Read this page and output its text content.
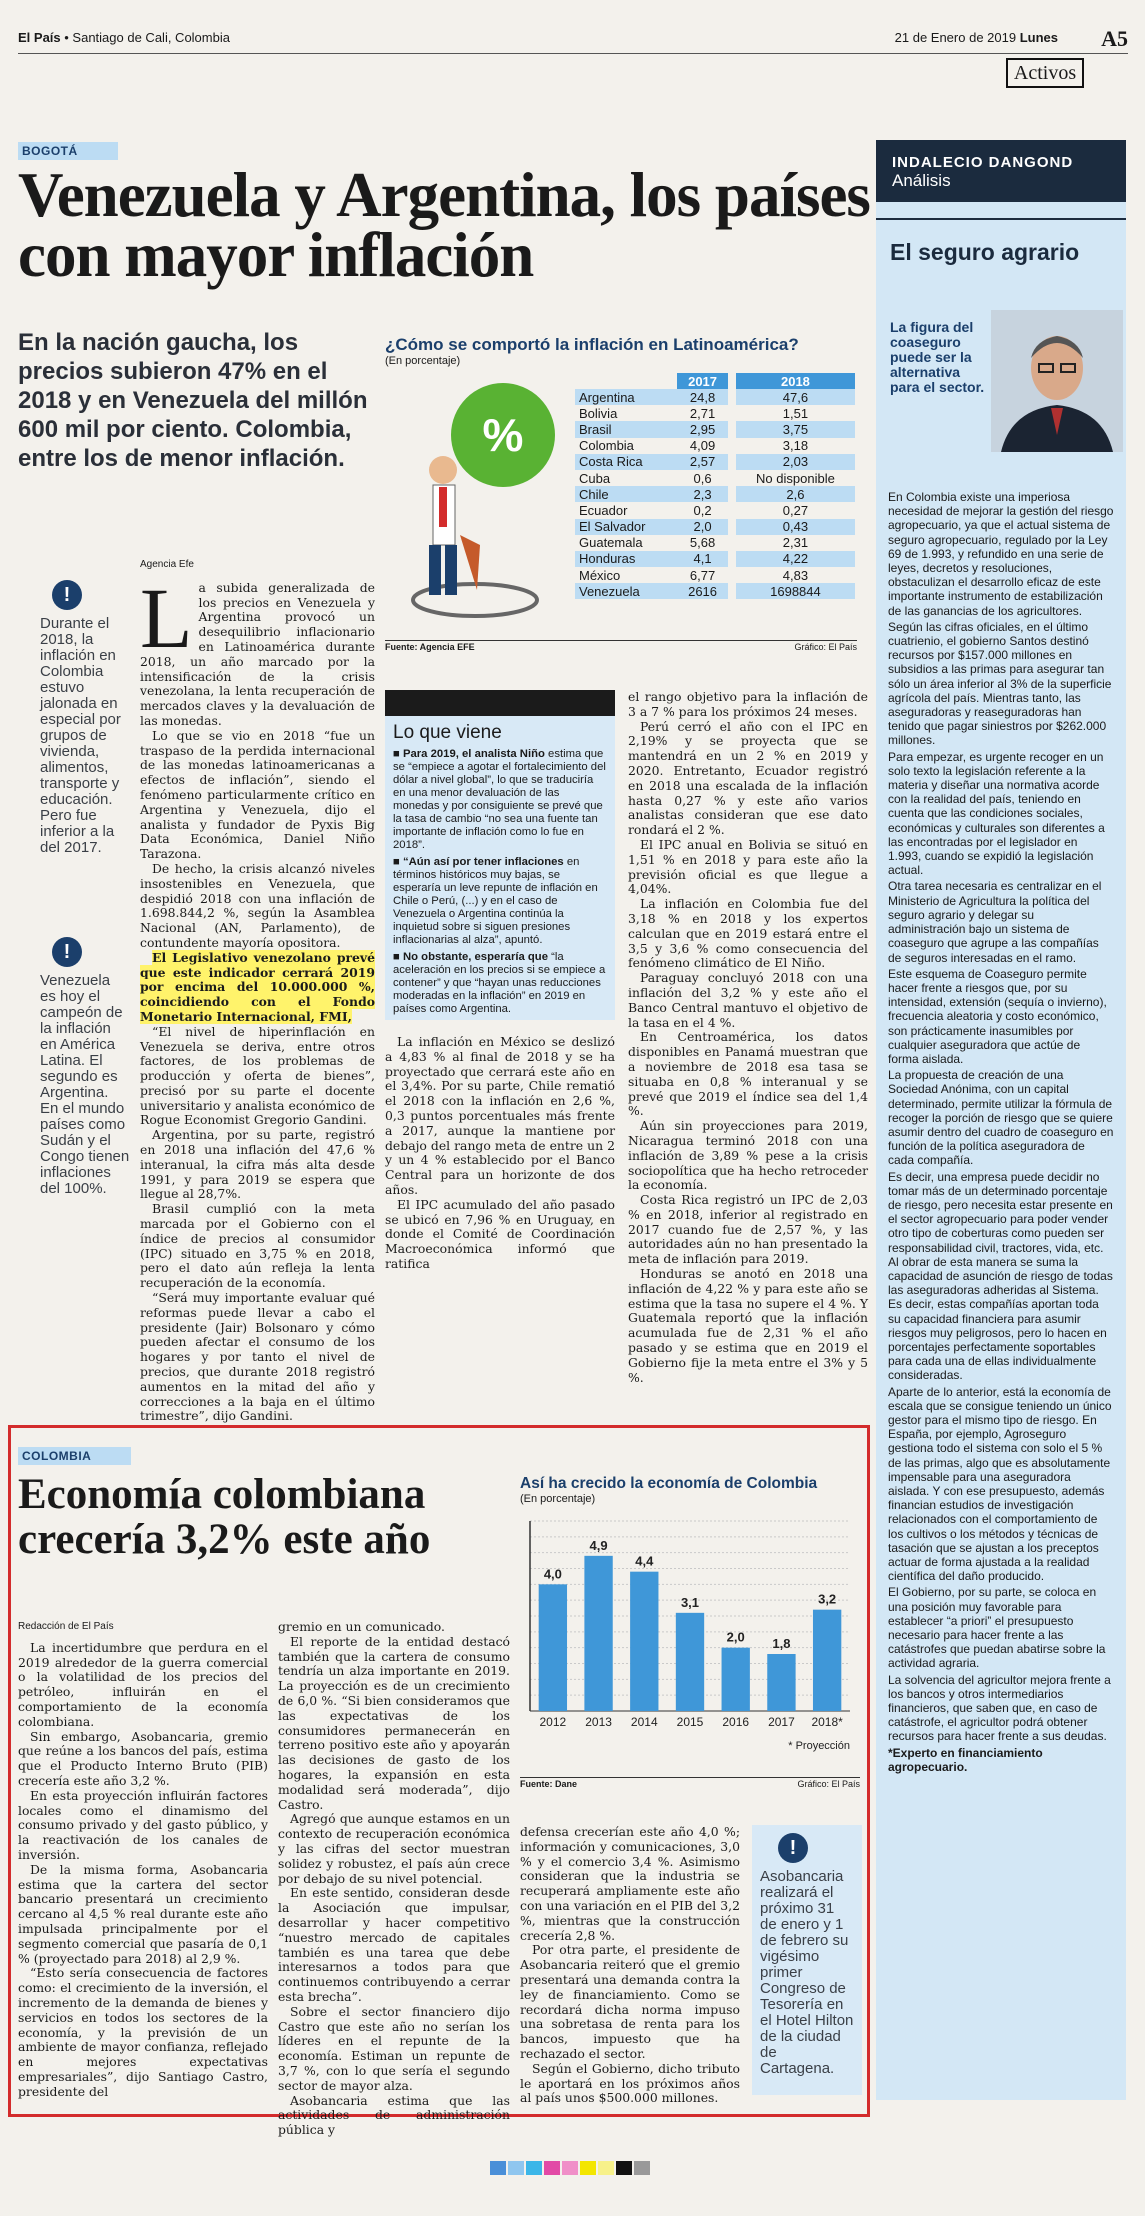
El País • Santiago de Cali, Colombia	21 de Enero de 2019 Lunes A5
Activos
BOGOTÁ
Venezuela y Argentina, los países con mayor inflación
En la nación gaucha, los precios subieron 47% en el 2018 y en Venezuela del millón 600 mil por ciento. Colombia, entre los de menor inflación.
¿Cómo se comportó la inflación en Latinoamérica?
(En porcentaje)
%
	2017		2018
Argentina	24,8		47,6
Bolivia	2,71		1,51
Brasil	2,95		3,75
Colombia	4,09		3,18
Costa Rica	2,57		2,03
Cuba	0,6		No disponible
Chile	2,3		2,6
Ecuador	0,2		0,27
El Salvador	2,0		0,43
Guatemala	5,68		2,31
Honduras	4,1		4,22
México	6,77		4,83
Venezuela	2616		1698844
Fuente: Agencia EFE	Gráfico: El País
!
Durante el 2018, la inflación en Colombia estuvo jalonada en especial por grupos de vivienda, alimentos, transporte y educación. Pero fue inferior a la del 2017.
!
Venezuela es hoy el campeón de la inflación en América Latina. El segundo es Argentina. En el mundo países como Sudán y el Congo tienen inflaciones del 100%.
Agencia Efe
L a subida generalizada de los precios en Venezuela y Argentina provocó un desequilibrio inflacionario en Latinoamérica durante 2018, un año marcado por la intensificación de la crisis venezolana, la lenta recuperación de mercados claves y la devaluación de las monedas.

Lo que se vio en 2018 “fue un traspaso de la perdida internacional de las monedas latinoamericanas a efectos de inflación”, siendo el fenómeno particularmente crítico en Argentina y Venezuela, dijo el analista y fundador de Pyxis Big Data Económica, Daniel Niño Tarazona.

De hecho, la crisis alcanzó niveles insostenibles en Venezuela, que despidió 2018 con una inflación de 1.698.844,2 %, según la Asamblea Nacional (AN, Parlamento), de contundente mayoría opositora.

El Legislativo venezolano prevé que este indicador cerrará 2019 por encima del 10.000.000 %, coincidiendo con el Fondo Monetario Internacional, FMI,

“El nivel de hiperinflación en Venezuela se deriva, entre otros factores, de los problemas de producción y oferta de bienes”, precisó por su parte el docente universitario y analista económico de Rogue Economist Gregorio Gandini.

Argentina, por su parte, registró en 2018 una inflación del 47,6 % interanual, la cifra más alta desde 1991, y para 2019 se espera que llegue al 28,7%.

Brasil cumplió con la meta marcada por el Gobierno con el índice de precios al consumidor (IPC) situado en 3,75 % en 2018, pero el dato aún refleja la lenta recuperación de la economía.

“Será muy importante evaluar qué reformas puede llevar a cabo el presidente (Jair) Bolsonaro y cómo pueden afectar el consumo de los hogares y por tanto el nivel de precios, que durante 2018 registró aumentos en la mitad del año y correcciones a la baja en el último trimestre”, dijo Gandini.

Lo que viene
■ Para 2019, el analista Niño estima que se “empiece a agotar el fortalecimiento del dólar a nivel global”, lo que se traduciría en una menor devaluación de las monedas y por consiguiente se prevé que la tasa de cambio “no sea una fuente tan importante de inflación como lo fue en 2018”.
■ “Aún así por tener inflaciones en términos históricos muy bajas, se esperaría un leve repunte de inflación en Chile o Perú, (...) y en el caso de Venezuela o Argentina continúa la inquietud sobre si siguen presiones inflacionarias al alza”, apuntó.
■ No obstante, esperaría que “la aceleración en los precios si se empiece a contener” y que “hayan unas reducciones moderadas en la inflación” en 2019 en países como Argentina.

La inflación en México se deslizó a 4,83 % al final de 2018 y se ha proyectado que cerrará este año en el 3,4%. Por su parte, Chile rematió el 2018 con la inflación en 2,6 %, 0,3 puntos porcentuales más frente a 2017, aunque la mantiene por debajo del rango meta de entre un 2 y un 4 % establecido por el Banco Central para un horizonte de dos años.

El IPC acumulado del año pasado se ubicó en 7,96 % en Uruguay, en donde el Comité de Coordinación Macroeconómica informó que ratifica

el rango objetivo para la inflación de 3 a 7 % para los próximos 24 meses.

Perú cerró el año con el IPC en 2,19% y se proyecta que se mantendrá en un 2 % en 2019 y 2020. Entretanto, Ecuador registró en 2018 una escalada de la inflación hasta 0,27 % y este año varios analistas consideran que ese dato rondará el 2 %.

El IPC anual en Bolivia se situó en 1,51 % en 2018 y para este año la previsión oficial es que llegue a 4,04%.

La inflación en Colombia fue del 3,18 % en 2018 y los expertos calculan que en 2019 estará entre el 3,5 y 3,6 % como consecuencia del fenómeno climático de El Niño.

Paraguay concluyó 2018 con una inflación del 3,2 % y este año el Banco Central mantuvo el objetivo de la tasa en el 4 %.

En Centroamérica, los datos disponibles en Panamá muestran que a noviembre de 2018 esa tasa se situaba en 0,8 % interanual y se prevé que 2019 el índice sea del 1,4 %.

Aún sin proyecciones para 2019, Nicaragua terminó 2018 con una inflación de 3,89 % pese a la crisis sociopolítica que ha hecho retroceder la economía.

Costa Rica registró un IPC de 2,03 % en 2018, inferior al registrado en 2017 cuando fue de 2,57 %, y las autoridades aún no han presentado la meta de inflación para 2019.

Honduras se anotó en 2018 una inflación de 4,22 % y para este año se estima que la tasa no supere el 4 %. Y Guatemala reportó que la inflación acumulada fue de 2,31 % el año pasado y se estima que en 2019 el Gobierno fije la meta entre el 3% y 5 %.

INDALECIO DANGOND
Análisis
El seguro agrario
La figura del coaseguro puede ser la alternativa para el sector.

En Colombia existe una imperiosa necesidad de mejorar la gestión del riesgo agropecuario, ya que el actual sistema de seguro agropecuario, regulado por la Ley 69 de 1.993, y refundido en una serie de leyes, decretos y resoluciones, obstaculizan el desarrollo eficaz de este importante instrumento de estabilización de las ganancias de los agricultores.

Según las cifras oficiales, en el último cuatrienio, el gobierno Santos destinó recursos por $157.000 millones en subsidios a las primas para asegurar tan sólo un área inferior al 3% de la superficie agrícola del país. Mientras tanto, las aseguradoras y reaseguradoras han tenido que pagar siniestros por $262.000 millones.

Para empezar, es urgente recoger en un solo texto la legislación referente a la materia y diseñar una normativa acorde con la realidad del país, teniendo en cuenta que las condiciones sociales, económicas y culturales son diferentes a las encontradas por el legislador en 1.993, cuando se expidió la legislación actual.

Otra tarea necesaria es centralizar en el Ministerio de Agricultura la política del seguro agrario y delegar su administración bajo un sistema de coaseguro que agrupe a las compañías de seguros interesadas en el ramo.

Este esquema de Coaseguro permite hacer frente a riesgos que, por su intensidad, extensión (sequía o invierno), frecuencia aleatoria y costo económico, son prácticamente inasumibles por cualquier aseguradora que actúe de forma aislada.

La propuesta de creación de una Sociedad Anónima, con un capital determinado, permite utilizar la fórmula de recoger la porción de riesgo que se quiere asumir dentro del cuadro de coaseguro en función de la política aseguradora de cada compañía.

Es decir, una empresa puede decidir no tomar más de un determinado porcentaje de riesgo, pero necesita estar presente en el sector agropecuario para poder vender otro tipo de coberturas como pueden ser responsabilidad civil, tractores, vida, etc. Al obrar de esta manera se suma la capacidad de asunción de riesgo de todas las aseguradoras adheridas al Sistema. Es decir, estas compañías aportan toda su capacidad financiera para asumir riesgos muy peligrosos, pero lo hacen en porcentajes perfectamente soportables para cada una de ellas individualmente consideradas.

Aparte de lo anterior, está la economía de escala que se consigue teniendo un único gestor para el mismo tipo de riesgo. En España, por ejemplo, Agroseguro gestiona todo el sistema con solo el 5 % de las primas, algo que es absolutamente impensable para una aseguradora aislada. Y con ese presupuesto, además financian estudios de investigación relacionados con el comportamiento de los cultivos o los métodos y técnicas de tasación que se ajustan a los preceptos actuar de forma ajustada a la realidad científica del daño producido.

El Gobierno, por su parte, se coloca en una posición muy favorable para establecer “a priori” el presupuesto necesario para hacer frente a las catástrofes que puedan abatirse sobre la actividad agraria.

La solvencia del agricultor mejora frente a los bancos y otros intermediarios financieros, que saben que, en caso de catástrofe, el agricultor podrá obtener recursos para hacer frente a sus deudas.

*Experto en financiamiento agropecuario.

COLOMBIA
Economía colombiana crecería 3,2% este año
Así ha crecido la economía de Colombia
(En porcentaje)
4,0
2012
4,9
2013
4,4
2014
3,1
2015
2,0
2016
1,8
2017
3,2
2018*
* Proyección
Fuente: Dane	Gráfico: El País
Redacción de El País

La incertidumbre que perdura en el 2019 alrededor de la guerra comercial o la volatilidad de los precios del petróleo, influirán en el comportamiento de la economía colombiana.

Sin embargo, Asobancaria, gremio que reúne a los bancos del país, estima que el Producto Interno Bruto (PIB) crecería este año 3,2 %.

En esta proyección influirán factores locales como el dinamismo del consumo privado y del gasto público, y la reactivación de los canales de inversión.

De la misma forma, Asobancaria estima que la cartera del sector bancario presentará un crecimiento cercano al 4,5 % real durante este año impulsada principalmente por el segmento comercial que pasaría de 0,1 % (proyectado para 2018) al 2,9 %.

“Esto sería consecuencia de factores como: el crecimiento de la inversión, el incremento de la demanda de bienes y servicios en todos los sectores de la economía, y la previsión de un ambiente de mayor confianza, reflejado en mejores expectativas empresariales”, dijo Santiago Castro, presidente del

gremio en un comunicado.

El reporte de la entidad destacó también que la cartera de consumo tendría un alza importante en 2019. La proyección es de un crecimiento de 6,0 %. “Si bien consideramos que las expectativas de los consumidores permanecerán en terreno positivo este año y apoyarán las decisiones de gasto de los hogares, la expansión en esta modalidad será moderada”, dijo Castro.

Agregó que aunque estamos en un contexto de recuperación económica y las cifras del sector muestran solidez y robustez, el país aún crece por debajo de su nivel potencial.

En este sentido, consideran desde la Asociación que impulsar, desarrollar y hacer competitivo “nuestro mercado de capitales también es una tarea que debe interesarnos a todos para que continuemos contribuyendo a cerrar esta brecha”.

Sobre el sector financiero dijo Castro que este año no serían los líderes en el repunte de la economía. Estiman un repunte de 3,7 %, con lo que sería el segundo sector de mayor alza.

Asobancaria estima que las actividades de administración pública y

defensa crecerían este año 4,0 %; información y comunicaciones, 3,0 % y el comercio 3,4 %. Asimismo consideran que la industria se recuperará ampliamente este año con una variación en el PIB del 3,2 %, mientras que la construcción crecería 2,8 %.

Por otra parte, el presidente de Asobancaria reiteró que el gremio presentará una demanda contra la ley de financiamiento. Como se recordará dicha norma impuso una sobretasa de renta para los bancos, impuesto que ha rechazado el sector.

Según el Gobierno, dicho tributo le aportará en los próximos años al país unos $500.000 millones.

!
Asobancaria realizará el próximo 31 de enero y 1 de febrero su vigésimo primer Congreso de Tesorería en el Hotel Hilton de la ciudad de Cartagena.
